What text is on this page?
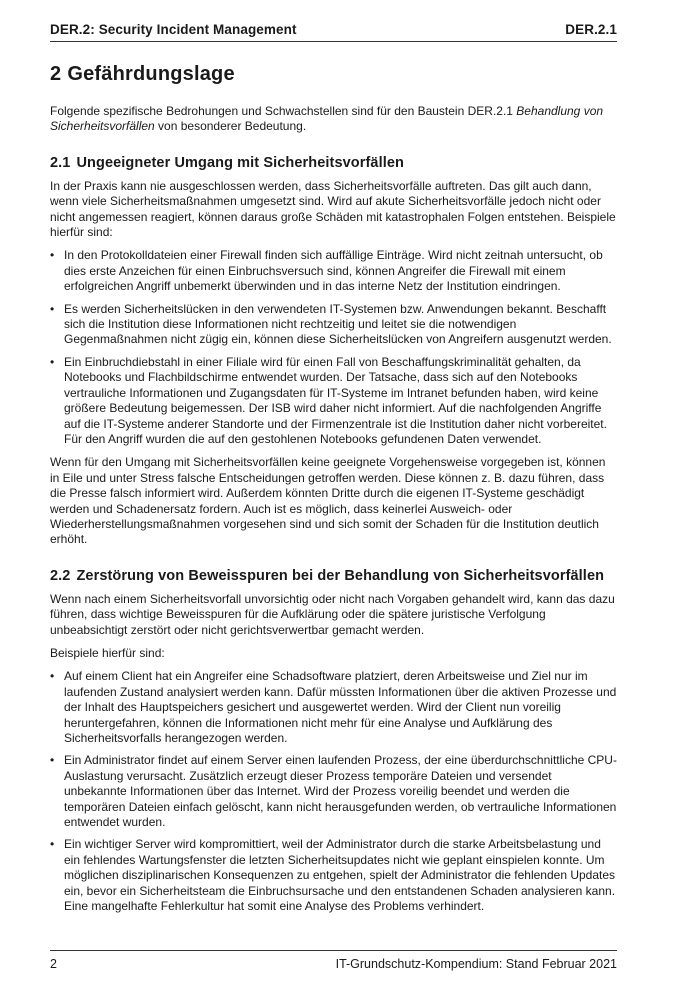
DER.2: Security Incident Management	DER.2.1
2 Gefährdungslage

Folgende spezifische Bedrohungen und Schwachstellen sind für den Baustein DER.2.1 Behandlung von Sicherheitsvorfällen von besonderer Bedeutung.

2.1 Ungeeigneter Umgang mit Sicherheitsvorfällen

In der Praxis kann nie ausgeschlossen werden, dass Sicherheitsvorfälle auftreten. Das gilt auch dann, wenn viele Sicherheitsmaßnahmen umgesetzt sind. Wird auf akute Sicherheitsvorfälle jedoch nicht oder nicht angemessen reagiert, können daraus große Schäden mit katastrophalen Folgen entstehen. Beispiele hierfür sind:

• In den Protokolldateien einer Firewall finden sich auffällige Einträge. Wird nicht zeitnah untersucht, ob dies erste Anzeichen für einen Einbruchsversuch sind, können Angreifer die Firewall mit einem erfolgreichen Angriff unbemerkt überwinden und in das interne Netz der Institution eindringen.
• Es werden Sicherheitslücken in den verwendeten IT-Systemen bzw. Anwendungen bekannt. Beschafft sich die Institution diese Informationen nicht rechtzeitig und leitet sie die notwendigen Gegenmaßnahmen nicht zügig ein, können diese Sicherheitslücken von Angreifern ausgenutzt werden.
• Ein Einbruchdiebstahl in einer Filiale wird für einen Fall von Beschaffungskriminalität gehalten, da Notebooks und Flachbildschirme entwendet wurden. Der Tatsache, dass sich auf den Notebooks vertrauliche Informationen und Zugangsdaten für IT-Systeme im Intranet befunden haben, wird keine größere Bedeutung beigemessen. Der ISB wird daher nicht informiert. Auf die nachfolgenden Angriffe auf die IT-Systeme anderer Standorte und der Firmenzentrale ist die Institution daher nicht vorbereitet. Für den Angriff wurden die auf den gestohlenen Notebooks gefundenen Daten verwendet.

Wenn für den Umgang mit Sicherheitsvorfällen keine geeignete Vorgehensweise vorgegeben ist, können in Eile und unter Stress falsche Entscheidungen getroffen werden. Diese können z. B. dazu führen, dass die Presse falsch informiert wird. Außerdem könnten Dritte durch die eigenen IT-Systeme geschädigt werden und Schadenersatz fordern. Auch ist es möglich, dass keinerlei Ausweich- oder Wiederherstellungsmaßnahmen vorgesehen sind und sich somit der Schaden für die Institution deutlich erhöht.

2.2 Zerstörung von Beweisspuren bei der Behandlung von Sicherheitsvorfällen

Wenn nach einem Sicherheitsvorfall unvorsichtig oder nicht nach Vorgaben gehandelt wird, kann das dazu führen, dass wichtige Beweisspuren für die Aufklärung oder die spätere juristische Verfolgung unbeabsichtigt zerstört oder nicht gerichtsverwertbar gemacht werden.

Beispiele hierfür sind:

• Auf einem Client hat ein Angreifer eine Schadsoftware platziert, deren Arbeitsweise und Ziel nur im laufenden Zustand analysiert werden kann. Dafür müssten Informationen über die aktiven Prozesse und der Inhalt des Hauptspeichers gesichert und ausgewertet werden. Wird der Client nun voreilig heruntergefahren, können die Informationen nicht mehr für eine Analyse und Aufklärung des Sicherheitsvorfalls herangezogen werden.
• Ein Administrator findet auf einem Server einen laufenden Prozess, der eine überdurchschnittliche CPU-Auslastung verursacht. Zusätzlich erzeugt dieser Prozess temporäre Dateien und versendet unbekannte Informationen über das Internet. Wird der Prozess voreilig beendet und werden die temporären Dateien einfach gelöscht, kann nicht herausgefunden werden, ob vertrauliche Informationen entwendet wurden.
• Ein wichtiger Server wird kompromittiert, weil der Administrator durch die starke Arbeitsbelastung und ein fehlendes Wartungsfenster die letzten Sicherheitsupdates nicht wie geplant einspielen konnte. Um möglichen disziplinarischen Konsequenzen zu entgehen, spielt der Administrator die fehlenden Updates ein, bevor ein Sicherheitsteam die Einbruchsursache und den entstandenen Schaden analysieren kann. Eine mangelhafte Fehlerkultur hat somit eine Analyse des Problems verhindert.
2	IT-Grundschutz-Kompendium: Stand Februar 2021
